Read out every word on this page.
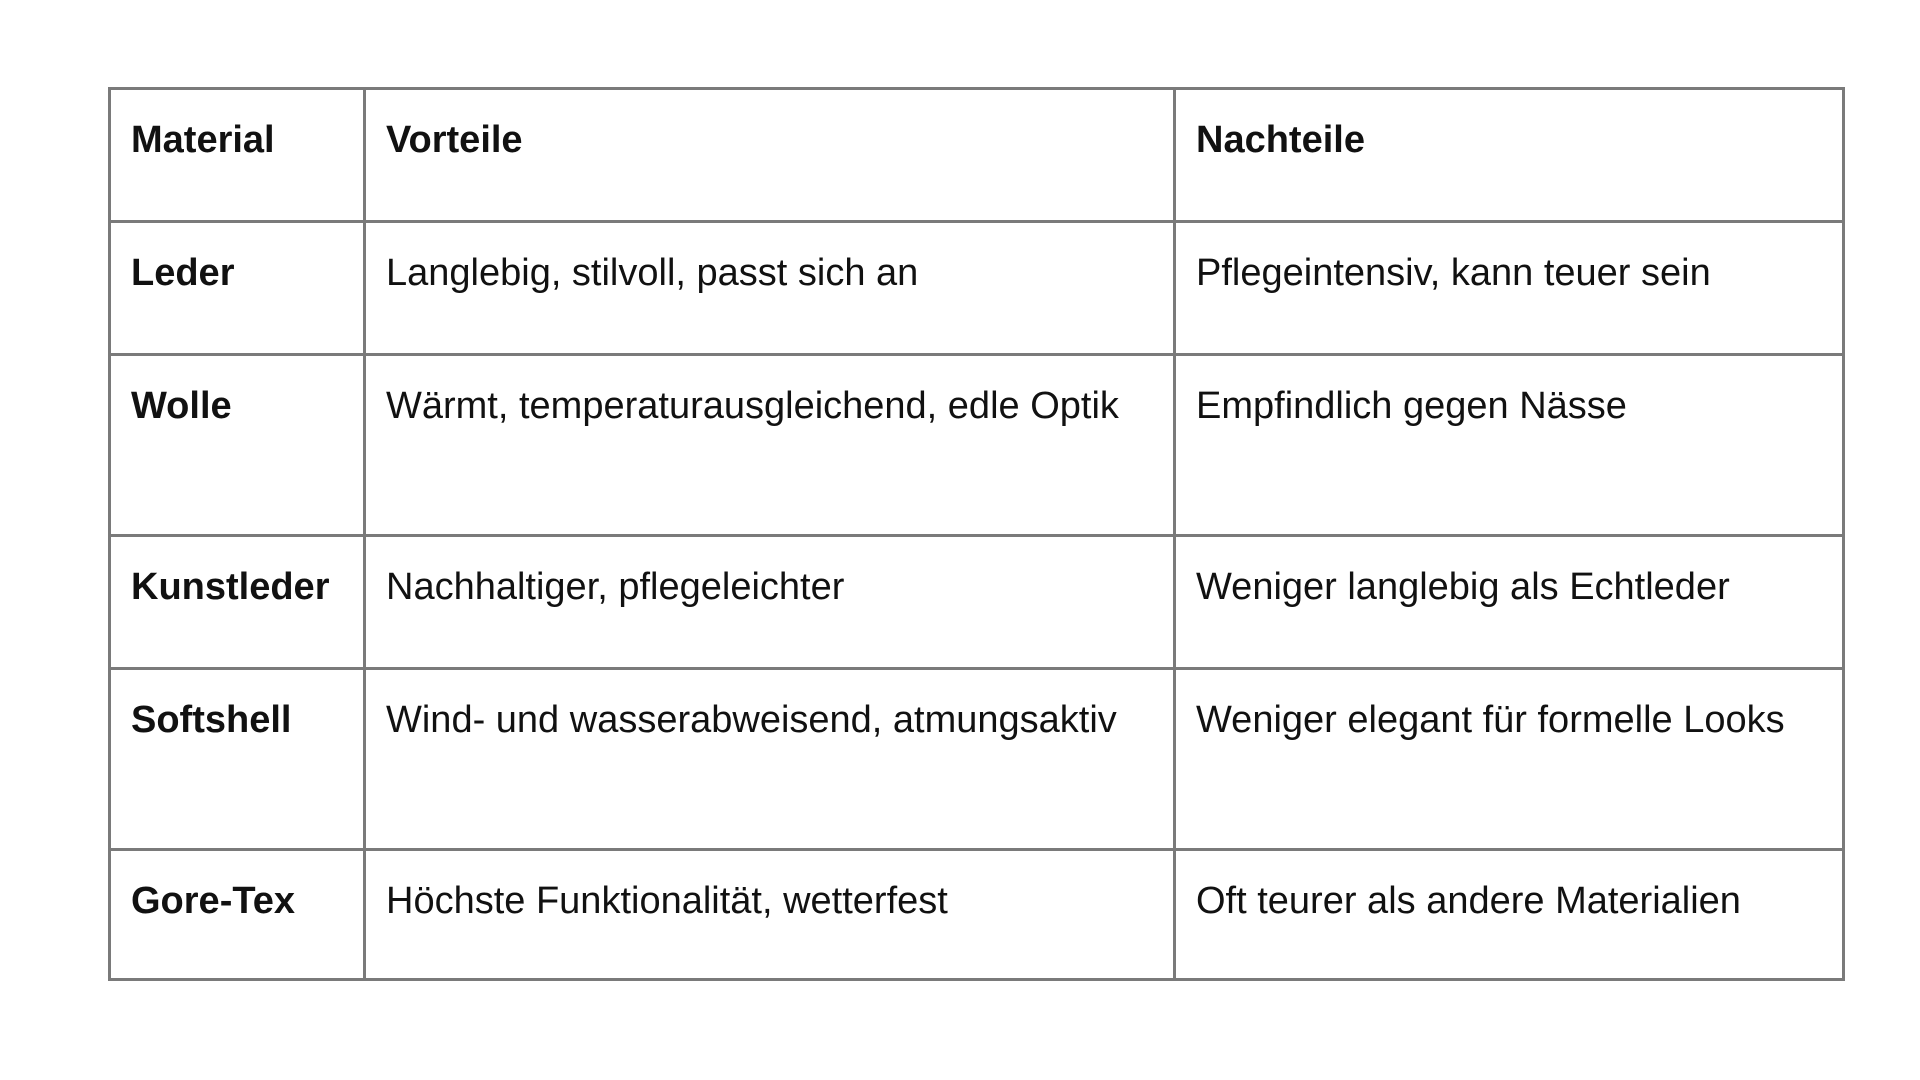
Material	Vorteile	Nachteile
Leder	Langlebig, stilvoll, passt sich an	Pflegeintensiv, kann teuer sein
Wolle	Wärmt, temperaturausgleichend, edle Optik	Empfindlich gegen Nässe
Kunstleder	Nachhaltiger, pflegeleichter	Weniger langlebig als Echtleder
Softshell	Wind- und wasserabweisend, atmungsaktiv	Weniger elegant für formelle Looks
Gore-Tex	Höchste Funktionalität, wetterfest	Oft teurer als andere Materialien
